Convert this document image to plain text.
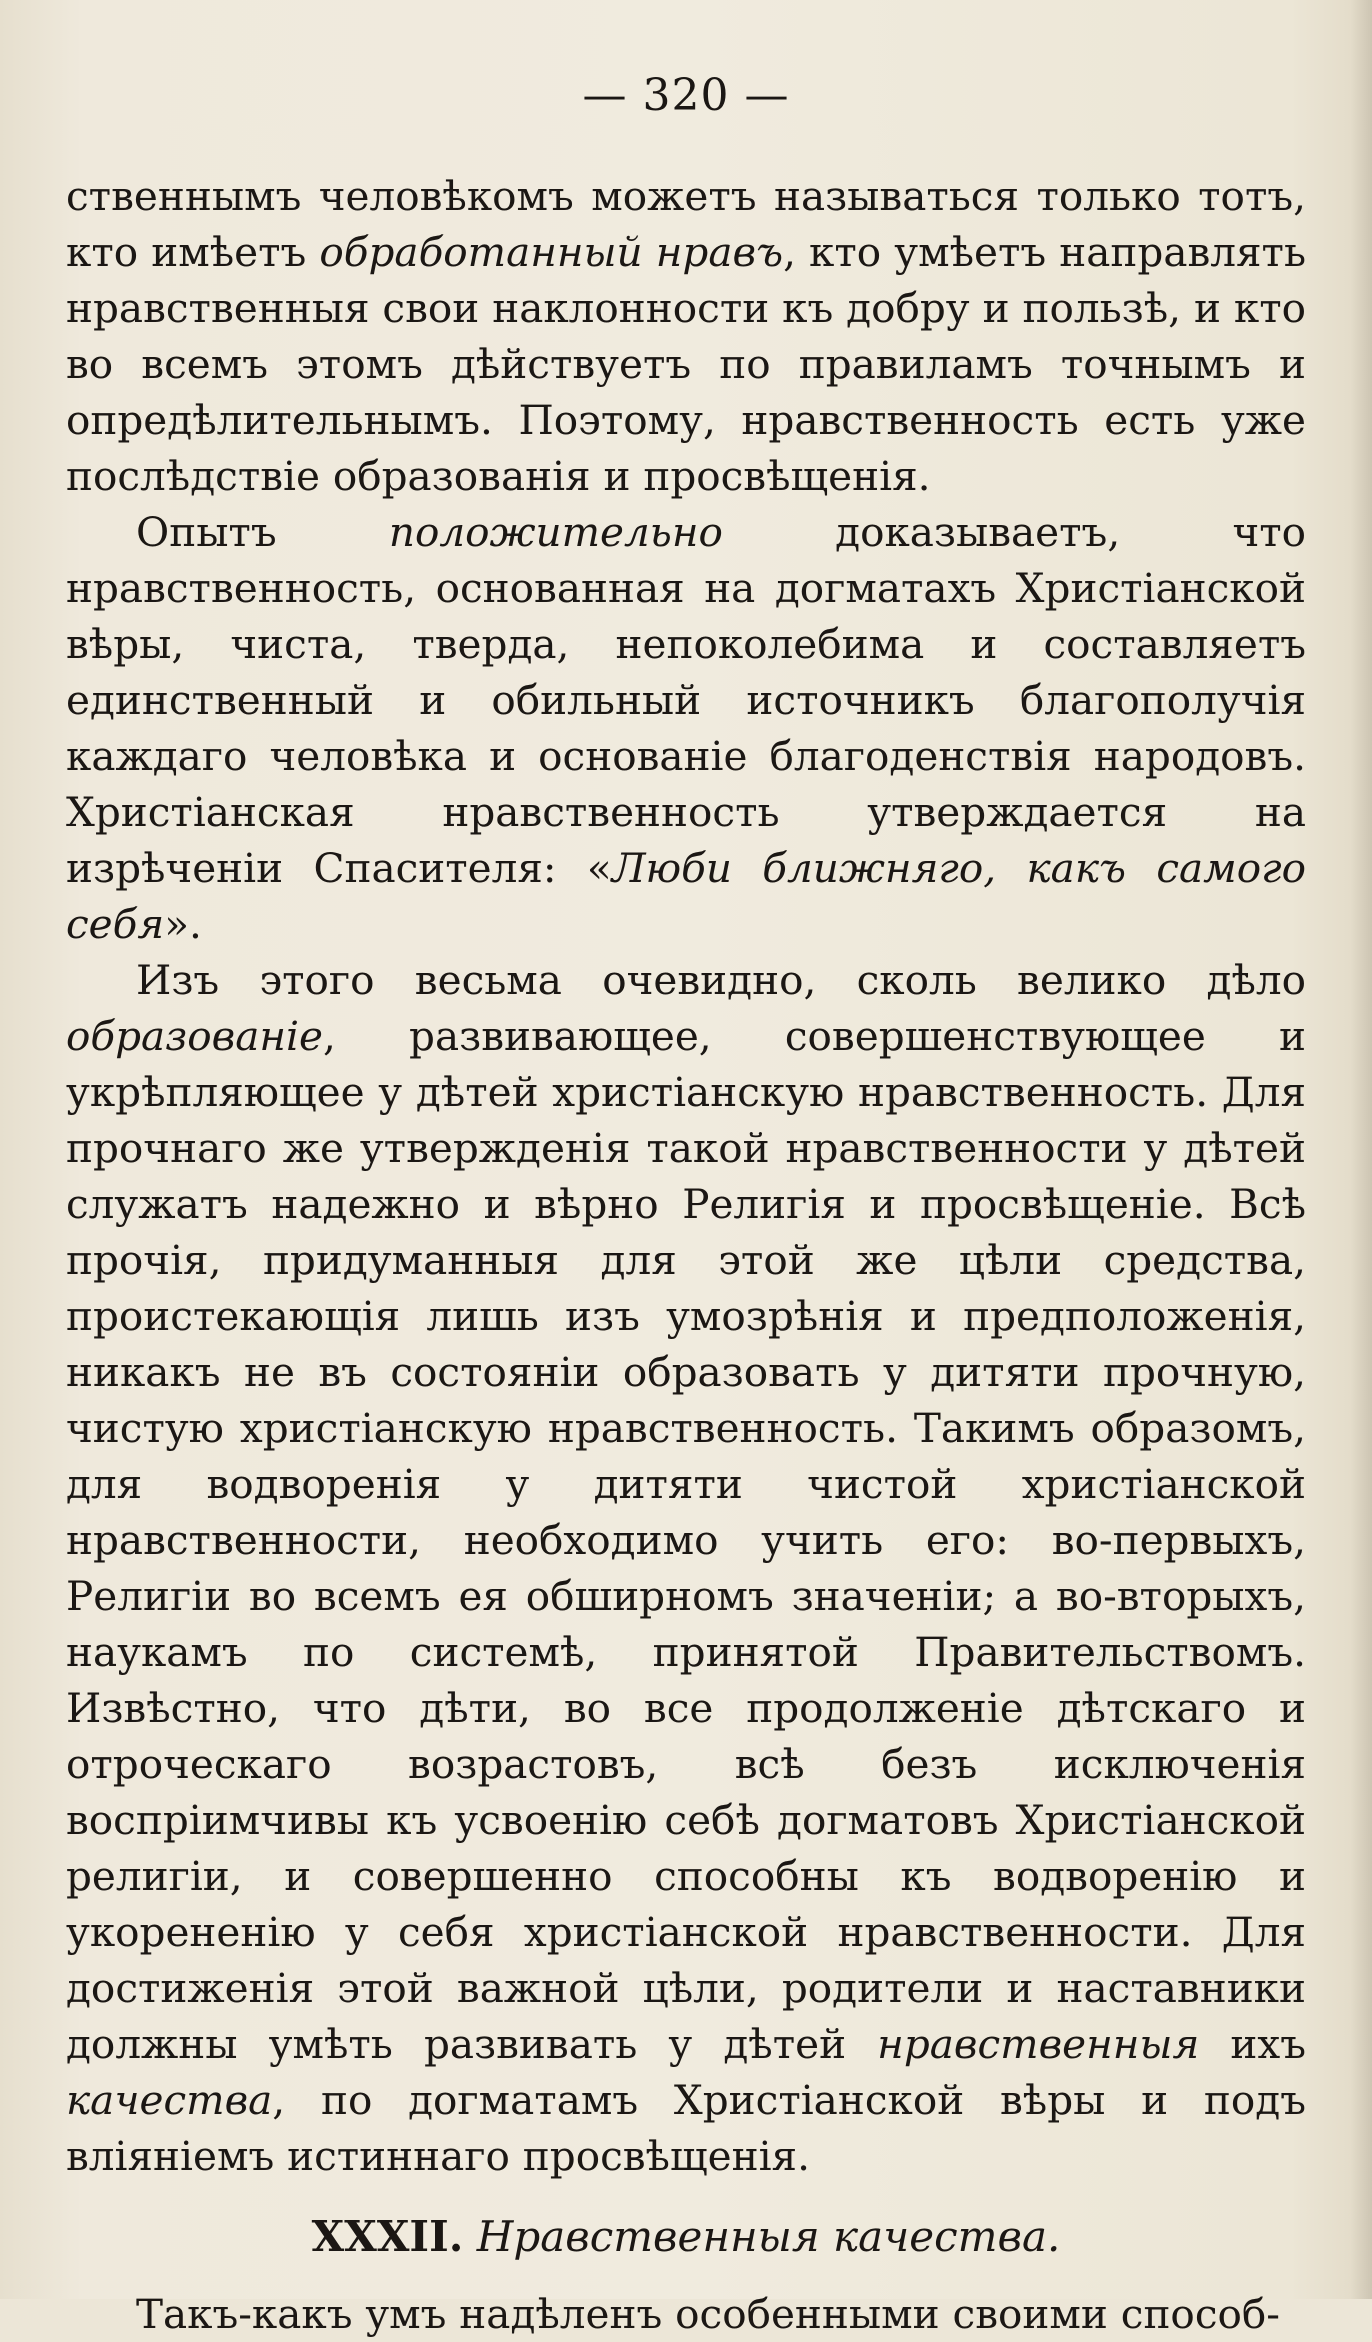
— 320 —

ственнымъ человѣкомъ можетъ называться только тотъ, кто имѣетъ обработанный нравъ, кто умѣетъ направлять нравственныя свои наклонности къ добру и пользѣ, и кто во всемъ этомъ дѣйствуетъ по правиламъ точнымъ и опредѣлительнымъ. Поэтому, нравственность есть уже послѣдствіе образованія и просвѣщенія.

Опытъ положительно доказываетъ, что нравственность, основанная на догматахъ Христіанской вѣры, чиста, тверда, непоколебима и составляетъ единственный и обильный источникъ благополучія каждаго человѣка и основаніе благоденствія народовъ. Христіанская нравственность утверждается на изрѣченіи Спасителя: «Люби ближняго, какъ самого себя».

Изъ этого весьма очевидно, сколь велико дѣло образованіе, развивающее, совершенствующее и укрѣпляющее у дѣтей христіанскую нравственность. Для прочнаго же утвержденія такой нравственности у дѣтей служатъ надежно и вѣрно Религія и просвѣщеніе. Всѣ прочія, придуманныя для этой же цѣли средства, проистекающія лишь изъ умозрѣнія и предположенія, никакъ не въ состояніи образовать у дитяти прочную, чистую христіанскую нравственность. Такимъ образомъ, для водворенія у дитяти чистой христіанской нравственности, необходимо учить его: во-первыхъ, Религіи во всемъ ея обширномъ значеніи; а во-вторыхъ, наукамъ по системѣ, принятой Правительствомъ. Извѣстно, что дѣти, во все продолженіе дѣтскаго и отроческаго возрастовъ, всѣ безъ исключенія воспріимчивы къ усвоенію себѣ догматовъ Христіанской религіи, и совершенно способны къ водворенію и укорененію у себя христіанской нравственности. Для достиженія этой важной цѣли, родители и наставники должны умѣть развивать у дѣтей нравственныя ихъ качества, по догматамъ Христіанской вѣры и подъ вліяніемъ истиннаго просвѣщенія.

XXXII. Нравственныя качества.

Такъ-какъ умъ надѣленъ особенными своими способ-
